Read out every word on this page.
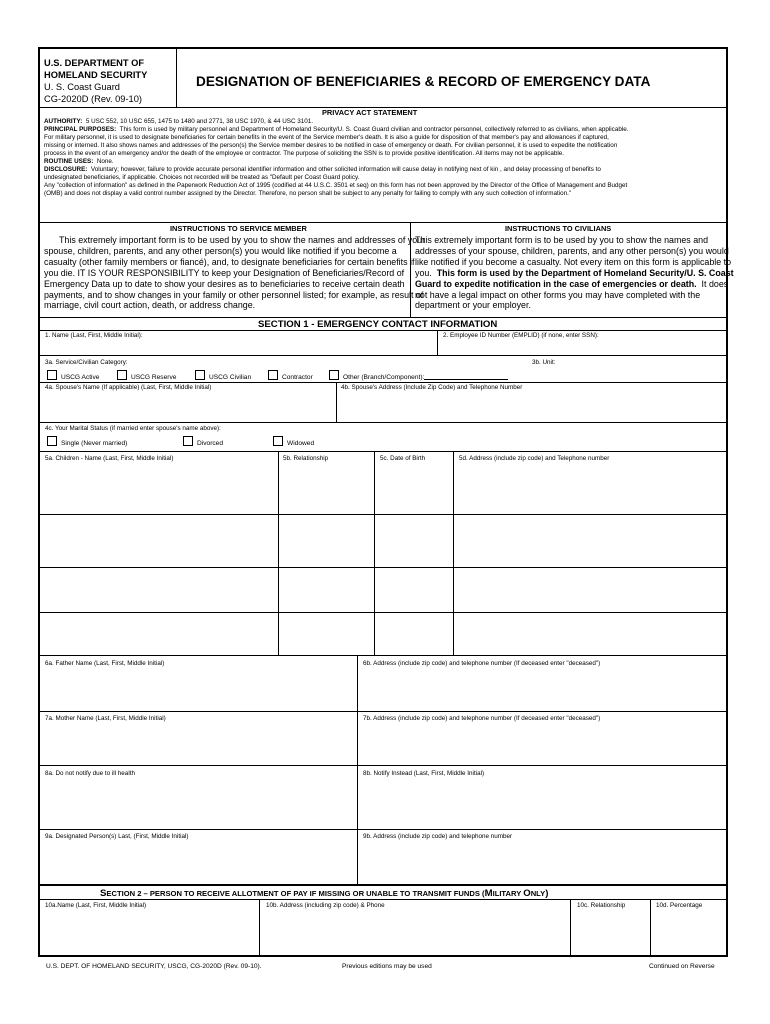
U.S. DEPARTMENT OF
HOMELAND SECURITY
U. S. Coast Guard
CG-2020D (Rev. 09-10)
DESIGNATION OF BENEFICIARIES & RECORD OF EMERGENCY DATA
PRIVACY ACT STATEMENT
AUTHORITY: 5 USC 552, 10 USC 655, 1475 to 1480 and 2771, 38 USC 1970, & 44 USC 3101.
PRINCIPAL PURPOSES: This form is used by military personnel and Department of Homeland Security/U. S. Coast Guard civilian and contractor personnel, collectively referred to as civilians, when applicable.
For military personnel, it is used to designate beneficiaries for certain benefits in the event of the Service member's death. It is also a guide for disposition of that member's pay and allowances if captured,
missing or interned. It also shows names and addresses of the person(s) the Service member desires to be notified in case of emergency or death. For civilian personnel, it is used to expedite the notification
process in the event of an emergency and/or the death of the employee or contractor. The purpose of soliciting the SSN is to provide positive identification. All items may not be applicable.
ROUTINE USES: None.
DISCLOSURE: Voluntary; however, failure to provide accurate personal identifier information and other solicited information will cause delay in notifying next of kin , and delay processing of benefits to
undesignated beneficiaries, if applicable. Choices not recorded will be treated as "Default per Coast Guard policy.
Any "collection of information" as defined in the Paperwork Reduction Act of 1995 (codified at 44 U.S.C. 3501 et seq) on this form has not been approved by the Director of the Office of Management and Budget
(OMB) and does not display a valid control number assigned by the Director. Therefore, no person shall be subject to any penalty for failing to comply with any such collection of information."
INSTRUCTIONS TO SERVICE MEMBER	INSTRUCTIONS TO CIVILIANS
This extremely important form is to be used by you to show the names and addresses of your
spouse, children, parents, and any other person(s) you would like notified if you become a
casualty (other family members or fiancé), and, to designate beneficiaries for certain benefits if
you die. IT IS YOUR RESPONSIBILITY to keep your Designation of Beneficiaries/Record of
Emergency Data up to date to show your desires as to beneficiaries to receive certain death
payments, and to show changes in your family or other personnel listed; for example, as result of
marriage, civil court action, death, or address change.
This extremely important form is to be used by you to show the names and
addresses of your spouse, children, parents, and any other person(s) you would
like notified if you become a casualty. Not every item on this form is applicable to
you. This form is used by the Department of Homeland Security/U. S. Coast
Guard to expedite notification in the case of emergencies or death. It does
not have a legal impact on other forms you may have completed with the
department or your employer.
SECTION 1 - EMERGENCY CONTACT INFORMATION
1. Name (Last, First, Middle Initial):	2. Employee ID Number (EMPLID) (if none, enter SSN):
3a. Service/Civilian Category:	3b. Unit:
USCG Active	USCG Reserve	USCG Civilian	Contractor	Other (Branch/Component):
4a. Spouse's Name (If applicable) (Last, First, Middle Initial)	4b. Spouse's Address (Include Zip Code) and Telephone Number
4c. Your Marital Status (if married enter spouse's name above):
Single (Never married)	Divorced	Widowed
5a. Children - Name (Last, First, Middle Initial)	5b. Relationship	5c. Date of Birth	5d. Address (include zip code) and Telephone number
6a. Father Name (Last, First, Middle Initial)	6b. Address (include zip code) and telephone number (If deceased enter "deceased")
7a. Mother Name (Last, First, Middle Initial)	7b. Address (include zip code) and telephone number (If deceased enter "deceased")
8a. Do not notify due to ill health	8b. Notify Instead (Last, First, Middle Initial)
9a. Designated Person(s) Last, (First, Middle Initial)	9b. Address (include zip code) and telephone number
SECTION 2 – PERSON TO RECEIVE ALLOTMENT OF PAY IF MISSING OR UNABLE TO TRANSMIT FUNDS (MILITARY ONLY)
10a.Name (Last, First, Middle Initial)	10b. Address (including zip code) & Phone	10c. Relationship	10d. Percentage
U.S. DEPT. OF HOMELAND SECURITY, USCG, CG-2020D (Rev. 09-10).	Previous editions may be used	Continued on Reverse
